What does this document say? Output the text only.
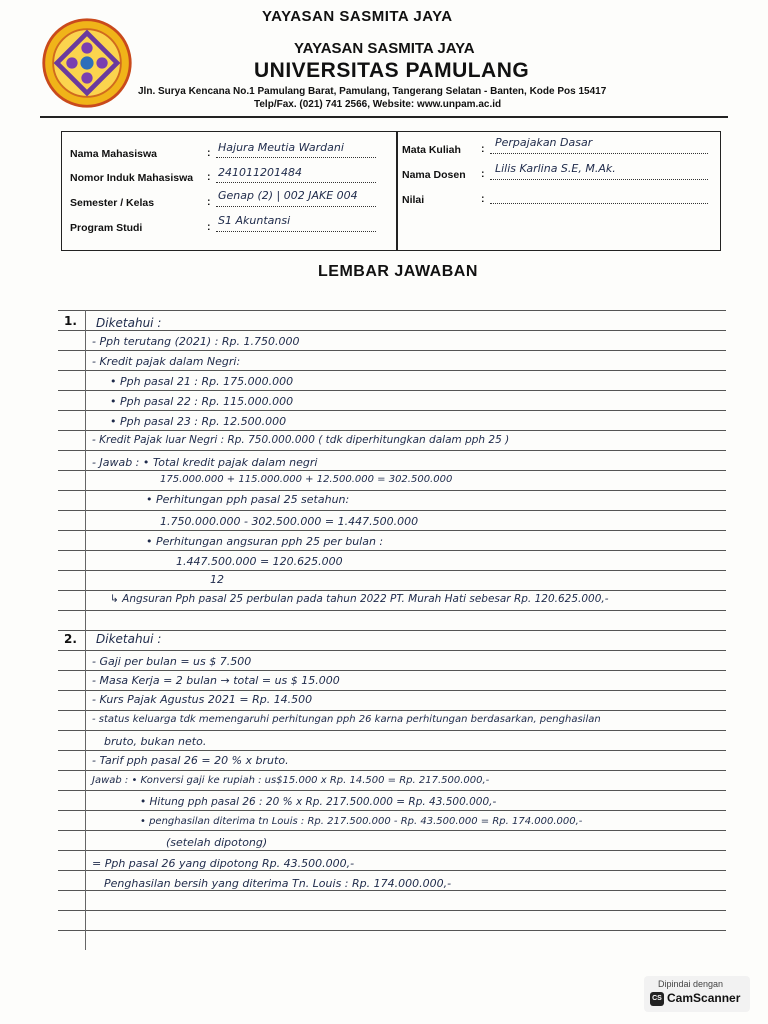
YAYASAN SASMITA JAYA
YAYASAN SASMITA JAYA
UNIVERSITAS PAMULANG
Jln. Surya Kencana No.1 Pamulang Barat, Pamulang, Tangerang Selatan - Banten, Kode Pos 15417
Telp/Fax. (021) 741 2566, Website: www.unpam.ac.id
Nama Mahasiswa	: Hajura Meutia Wardani
Nomor Induk Mahasiswa : 241011201484
Semester / Kelas	: Genap (2) | 002 JAKE 004
Program Studi	: S1 Akuntansi
Mata Kuliah : Perpajakan Dasar
Nama Dosen : Lilis Karlina S.E, M.Ak.
Nilai	:
LEMBAR JAWABAN
1.
2.
Diketahui :
- Pph terutang (2021) : Rp. 1.750.000
- Kredit pajak dalam Negri:
• Pph pasal 21 : Rp. 175.000.000
• Pph pasal 22 : Rp. 115.000.000
• Pph pasal 23 : Rp. 12.500.000
- Kredit Pajak luar Negri : Rp. 750.000.000 ( tdk diperhitungkan dalam pph 25 )
- Jawab : • Total kredit pajak dalam negri
175.000.000 + 115.000.000 + 12.500.000 = 302.500.000
• Perhitungan pph pasal 25 setahun:
1.750.000.000 - 302.500.000 = 1.447.500.000
• Perhitungan angsuran pph 25 per bulan :
1.447.500.000 = 120.625.000
12
↳ Angsuran Pph pasal 25 perbulan pada tahun 2022 PT. Murah Hati sebesar Rp. 120.625.000,-
Diketahui :
- Gaji per bulan = us $ 7.500
- Masa Kerja = 2 bulan → total = us $ 15.000
- Kurs Pajak Agustus 2021 = Rp. 14.500
- status keluarga tdk memengaruhi perhitungan pph 26 karna perhitungan berdasarkan, penghasilan
bruto, bukan neto.
- Tarif pph pasal 26 = 20 % x bruto.
Jawab : • Konversi gaji ke rupiah : us$15.000 x Rp. 14.500 = Rp. 217.500.000,-
• Hitung pph pasal 26 : 20 % x Rp. 217.500.000 = Rp. 43.500.000,-
• penghasilan diterima tn Louis : Rp. 217.500.000 - Rp. 43.500.000 = Rp. 174.000.000,-
(setelah dipotong)
= Pph pasal 26 yang dipotong Rp. 43.500.000,-
Penghasilan bersih yang diterima Tn. Louis : Rp. 174.000.000,-
Dipindai dengan
CS CamScanner
